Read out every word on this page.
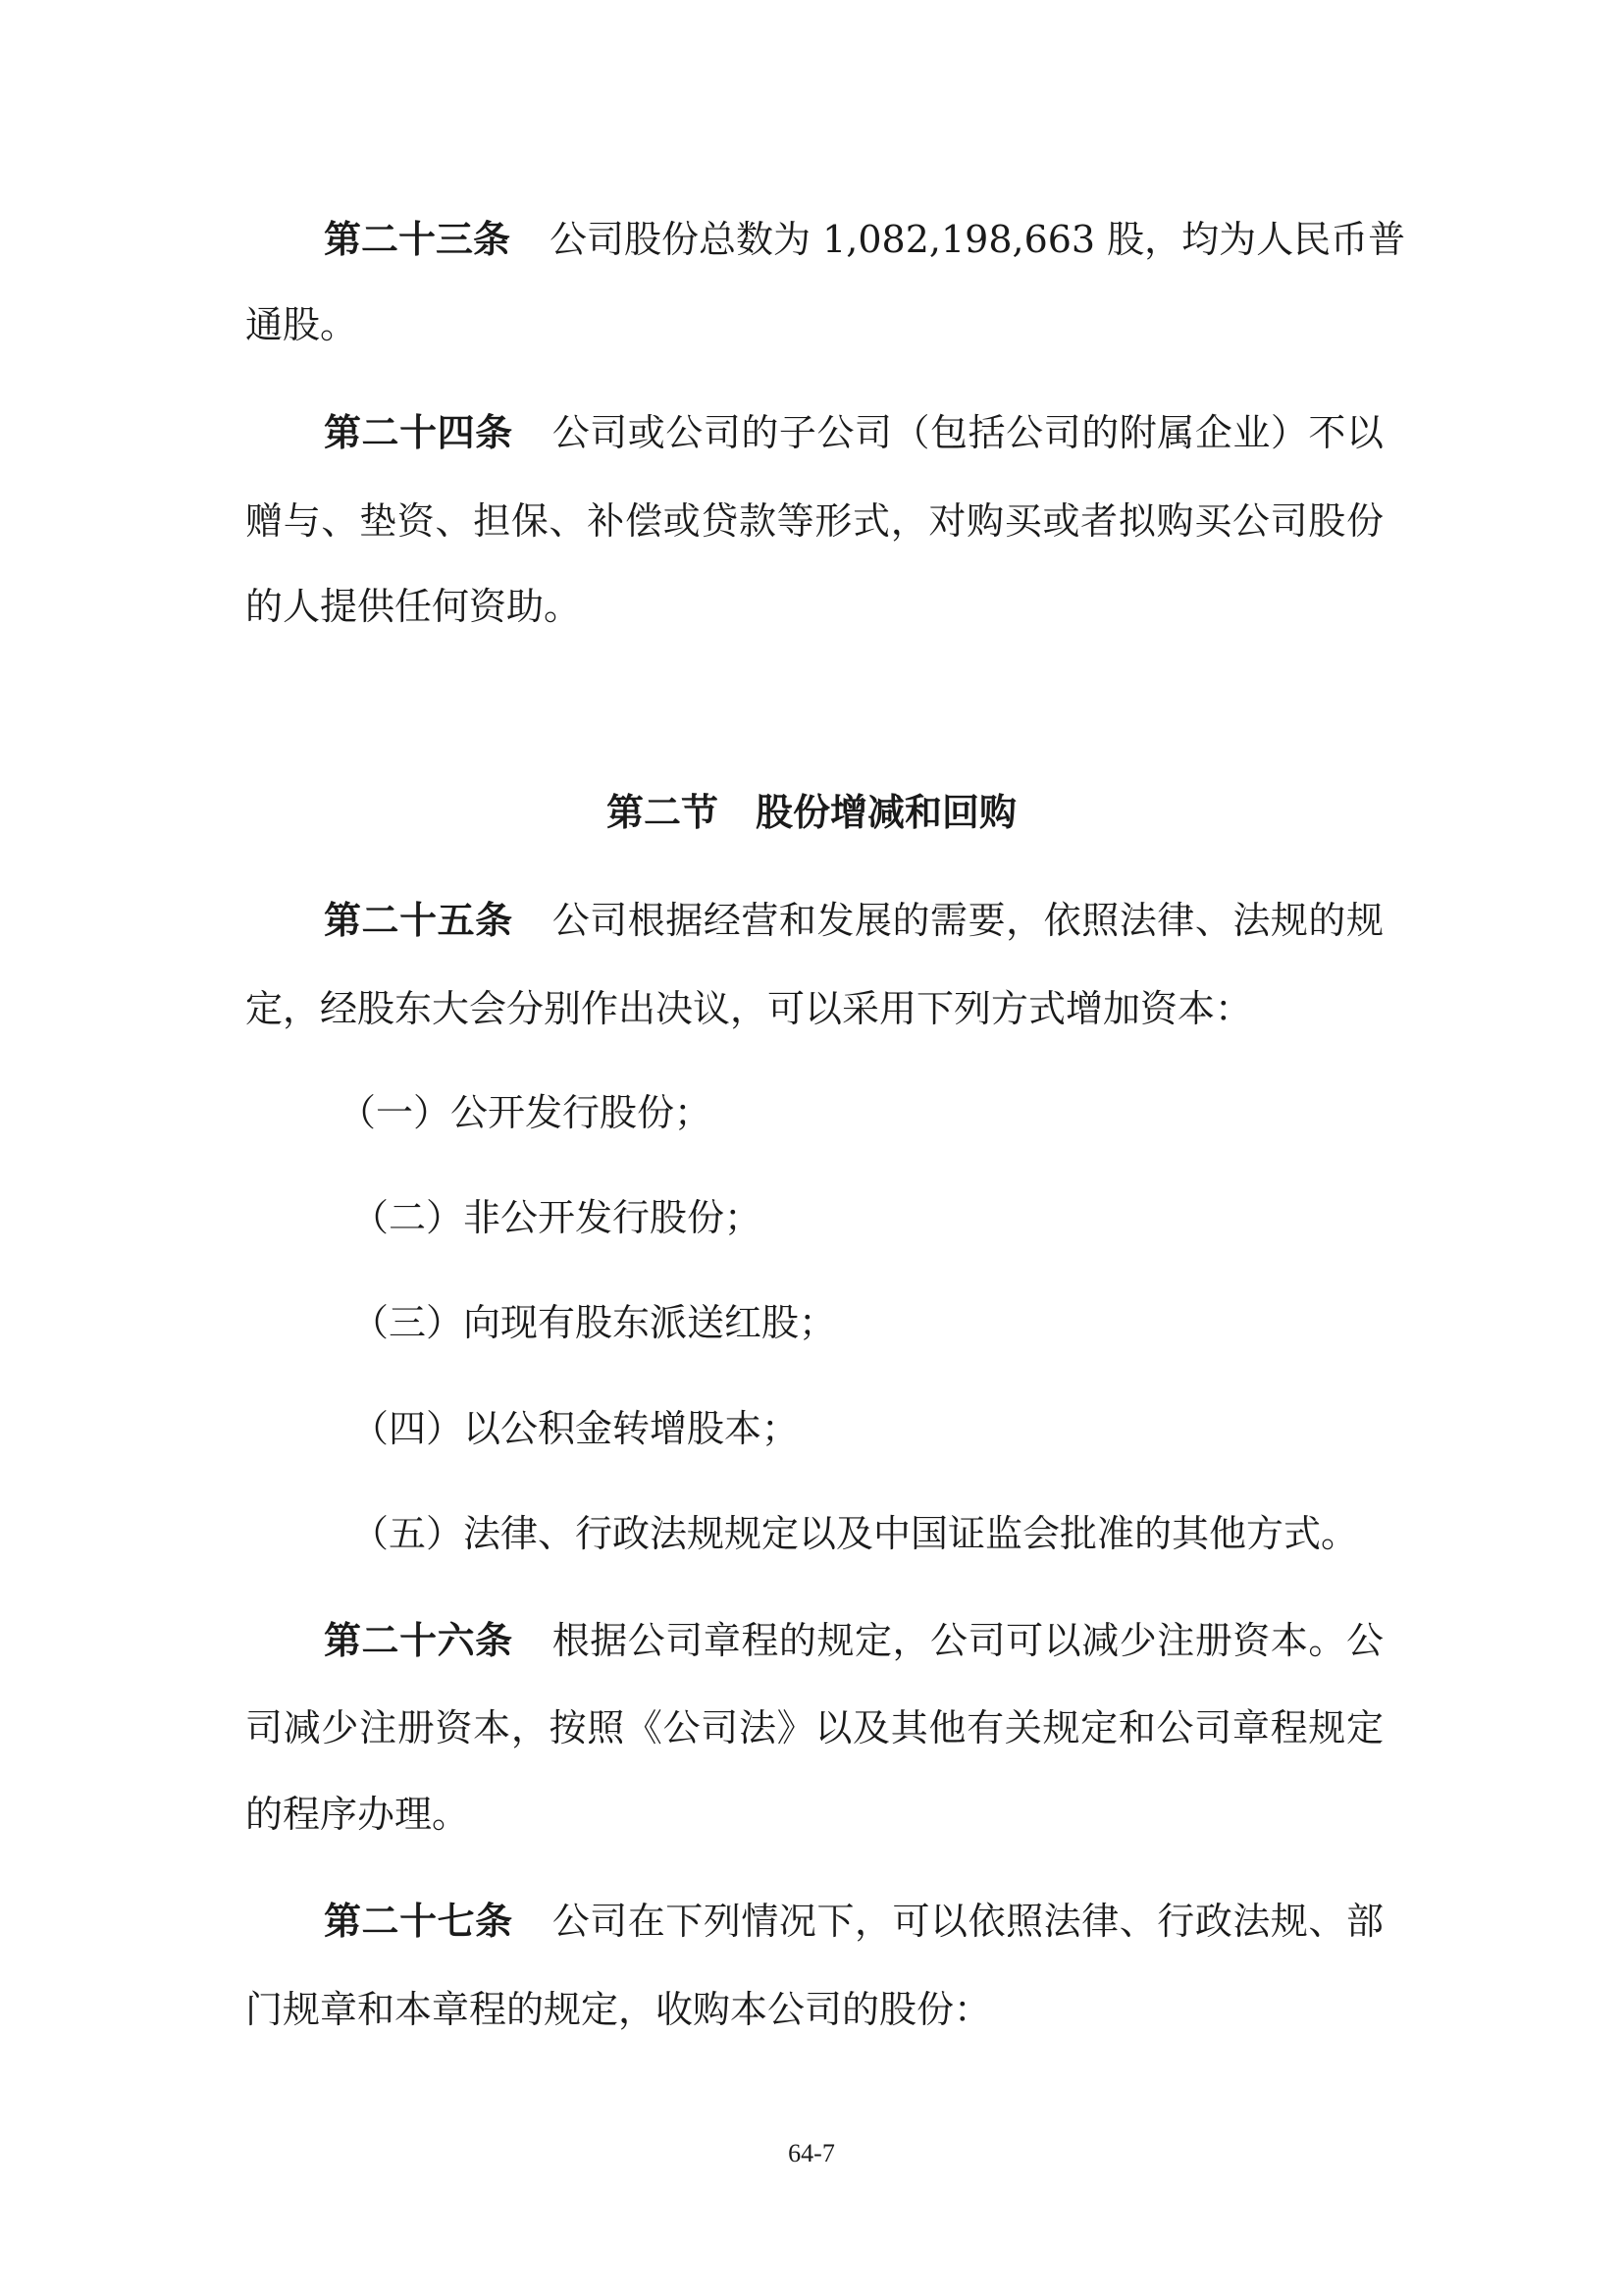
第二十三条 公司股份总数为 1,082,198,663 股，均为人民币普
通股。
第二十四条 公司或公司的子公司（包括公司的附属企业）不以
赠与、垫资、担保、补偿或贷款等形式，对购买或者拟购买公司股份
的人提供任何资助。
第二节　股份增减和回购
第二十五条 公司根据经营和发展的需要，依照法律、法规的规
定，经股东大会分别作出决议，可以采用下列方式增加资本：
（一）公开发行股份；
（二）非公开发行股份；
（三）向现有股东派送红股；
（四）以公积金转增股本；
（五）法律、行政法规规定以及中国证监会批准的其他方式。
第二十六条 根据公司章程的规定，公司可以减少注册资本。公
司减少注册资本，按照《公司法》以及其他有关规定和公司章程规定
的程序办理。
第二十七条 公司在下列情况下，可以依照法律、行政法规、部
门规章和本章程的规定，收购本公司的股份：
64-7
